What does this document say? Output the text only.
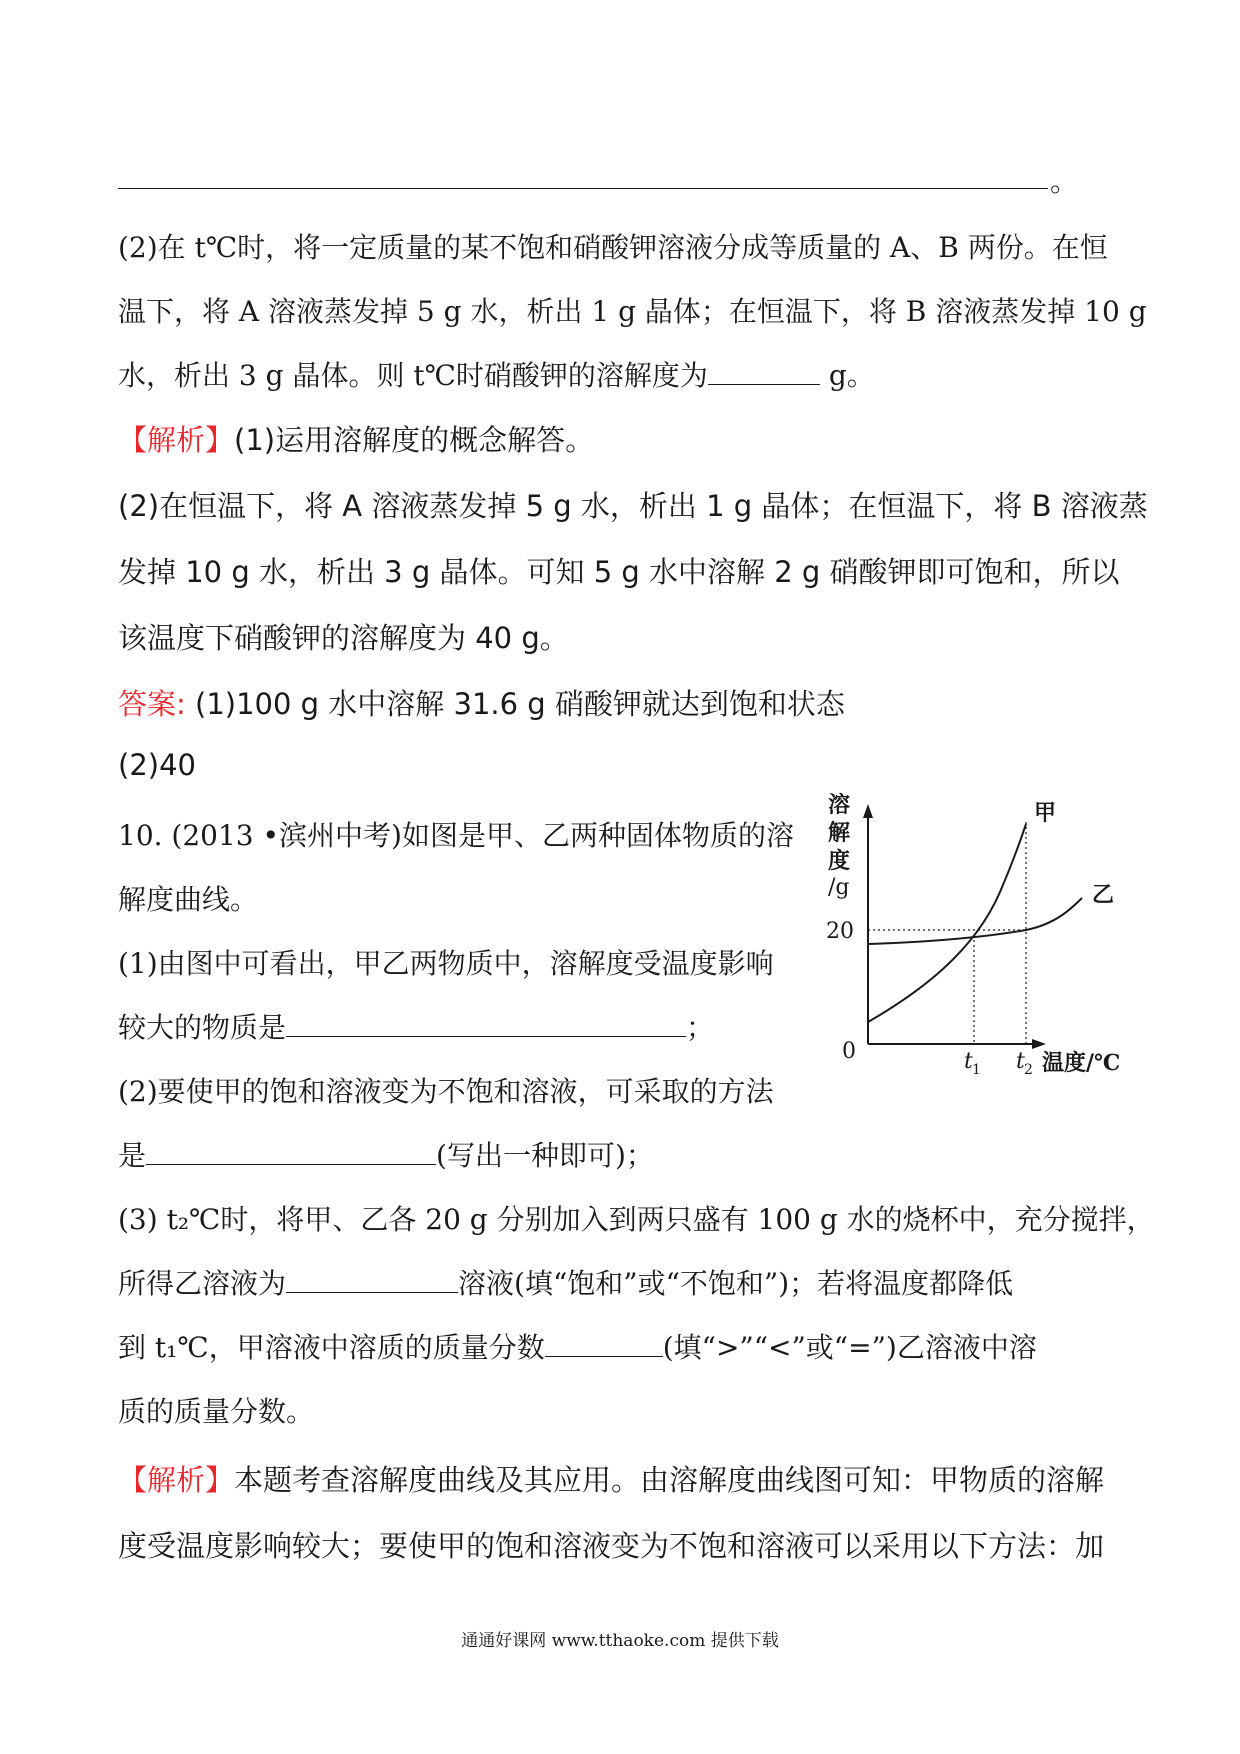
。
(2)在 t℃时，将一定质量的某不饱和硝酸钾溶液分成等质量的 A、B 两份。在恒
温下，将 A 溶液蒸发掉 5 g 水，析出 1 g 晶体；在恒温下，将 B 溶液蒸发掉 10 g
水，析出 3 g 晶体。则 t℃时硝酸钾的溶解度为	g。
【解析】(1)运用溶解度的概念解答。
(2)在恒温下，将 A 溶液蒸发掉 5 g 水，析出 1 g 晶体；在恒温下，将 B 溶液蒸
发掉 10 g 水，析出 3 g 晶体。可知 5 g 水中溶解 2 g 硝酸钾即可饱和，所以
该温度下硝酸钾的溶解度为 40 g。
答案: (1)100 g 水中溶解 31.6 g 硝酸钾就达到饱和状态
(2)40
10. (2013 •滨州中考)如图是甲、乙两种固体物质的溶
解度曲线。
(1)由图中可看出，甲乙两物质中，溶解度受温度影响
较大的物质是	；
(2)要使甲的饱和溶液变为不饱和溶液，可采取的方法
是	(写出一种即可)；
(3) t₂℃时，将甲、乙各 20 g 分别加入到两只盛有 100 g 水的烧杯中，充分搅拌，
所得乙溶液为	溶液(填“饱和”或“不饱和”)；若将温度都降低
到 t₁℃，甲溶液中溶质的质量分数	(填“>”“<”或“=”)乙溶液中溶
质的质量分数。
【解析】本题考查溶解度曲线及其应用。由溶解度曲线图可知：甲物质的溶解
度受温度影响较大；要使甲的饱和溶液变为不饱和溶液可以采用以下方法：加
溶
解
度
/g
20
0	t 1 t 2 温度/℃
甲
乙
通通好课网 www.tthaoke.com 提供下载
